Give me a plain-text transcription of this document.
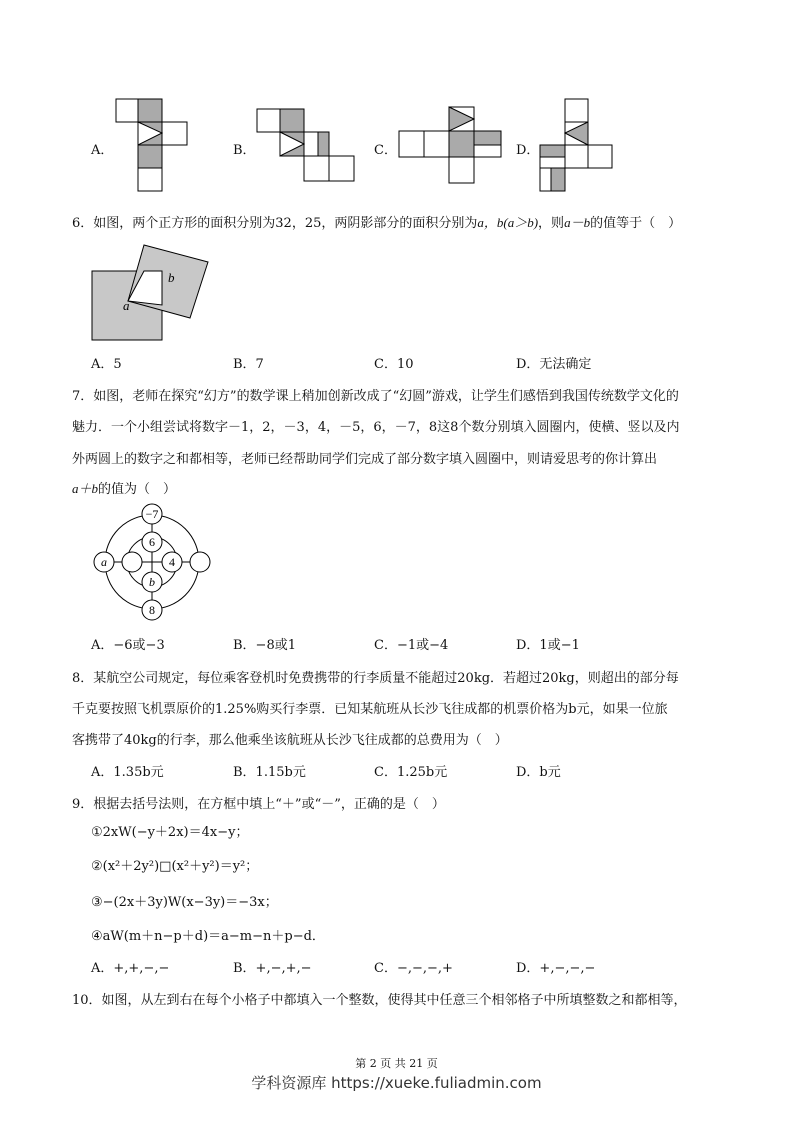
A．	B．	C．	D．
6．如图，两个正方形的面积分别为32，25，两阴影部分的面积分别为a，b(a＞b)，则a－b的值等于（　）
a
b
A．5	B．7	C．10	D．无法确定
7．如图，老师在探究“幻方”的数学课上稍加创新改成了“幻圆”游戏，让学生们感悟到我国传统数学文化的
魅力．一个小组尝试将数字－1，2，－3，4，－5，6，－7，8这8个数分别填入圆圈内，使横、竖以及内
外两圆上的数字之和都相等，老师已经帮助同学们完成了部分数字填入圆圈中，则请爱思考的你计算出
a＋b的值为（　）
−7
6
4
b
8
a
A．−6或−3	B．−8或1	C．−1或−4	D．1或−1
8．某航空公司规定，每位乘客登机时免费携带的行李质量不能超过20kg．若超过20kg，则超出的部分每
千克要按照飞机票原价的1.25%购买行李票．已知某航班从长沙飞往成都的机票价格为b元，如果一位旅
客携带了40kg的行李，那么他乘坐该航班从长沙飞往成都的总费用为（　）
A．1.35b元	B．1.15b元	C．1.25b元	D．b元
9．根据去括号法则，在方框中填上“＋”或“－”，正确的是（　）
①2xW(−y＋2x)＝4x−y；
②(x²＋2y²)□(x²＋y²)＝y²；
③−(2x＋3y)W(x−3y)＝−3x；
④aW(m＋n−p＋d)＝a−m−n＋p−d．
A．+,+,−,−	B．+,−,+,−	C．−,−,−,+	D．+,−,−,−
10．如图，从左到右在每个小格子中都填入一个整数，使得其中任意三个相邻格子中所填整数之和都相等，
第 2 页 共 21 页
学科资源库 https://xueke.fuliadmin.com
